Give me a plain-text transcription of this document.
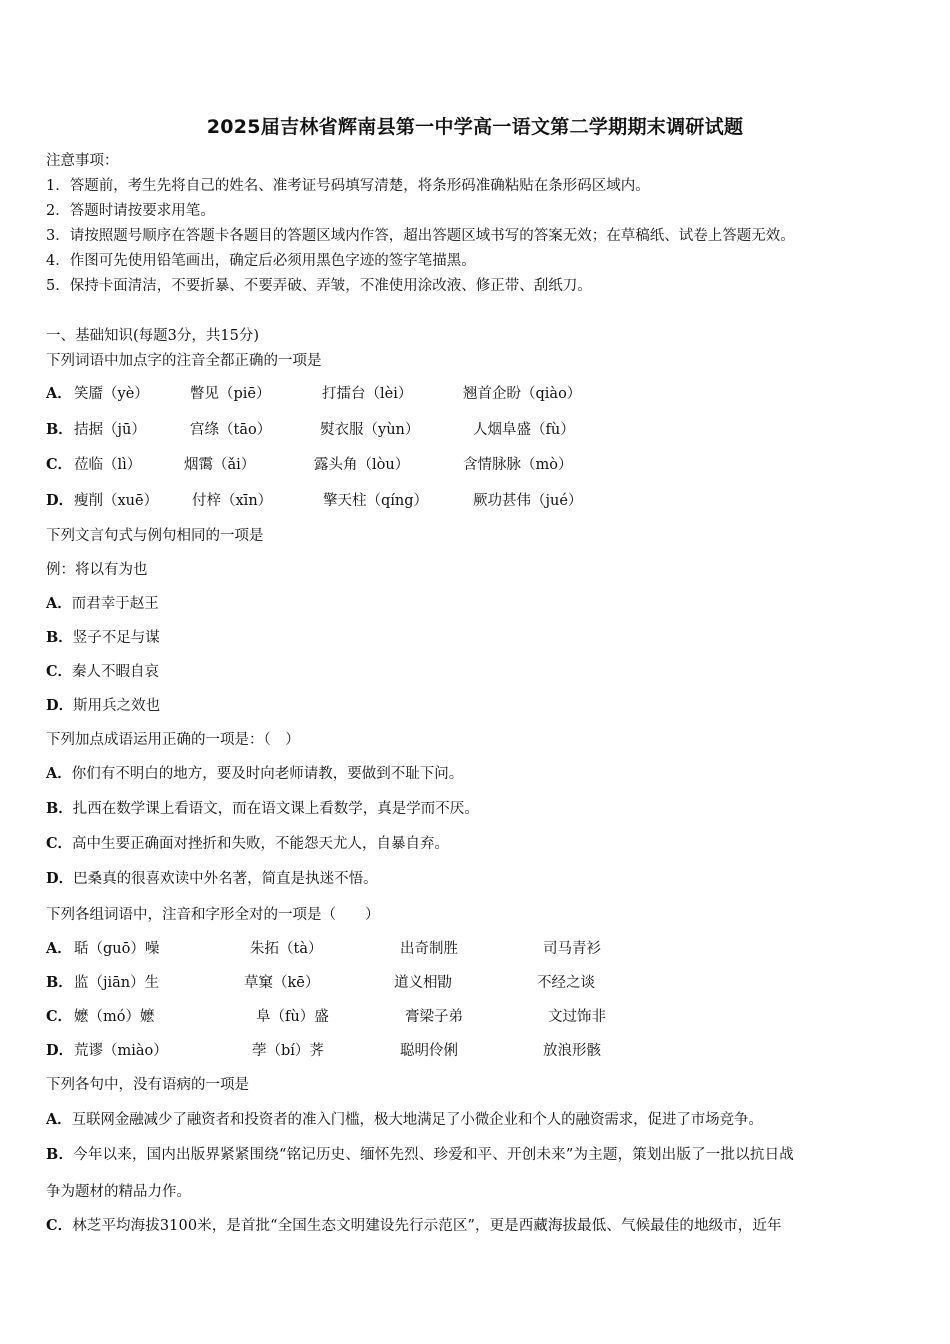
2025届吉林省辉南县第一中学高一语文第二学期期末调研试题
注意事项：
1．答题前，考生先将自己的姓名、准考证号码填写清楚，将条形码准确粘贴在条形码区域内。
2．答题时请按要求用笔。
3．请按照题号顺序在答题卡各题目的答题区域内作答，超出答题区域书写的答案无效；在草稿纸、试卷上答题无效。
4．作图可先使用铅笔画出，确定后必须用黑色字迹的签字笔描黑。
5．保持卡面清洁，不要折暴、不要弄破、弄皱，不准使用涂改液、修正带、刮纸刀。
一、基础知识(每题3分，共15分)
下列词语中加点字的注音全都正确的一项是
A． 笑靥（yè）	瞥见（piē）	打擂台（lèi）	翘首企盼（qiào）
B． 拮据（jū）	宫绦（tāo）	熨衣服（yùn）	人烟阜盛（fù）
C． 莅临（lì）	烟霭（ǎi）	露头角（lòu）	含情脉脉（mò）
D． 瘦削（xuē） 付梓（xīn）	擎天柱（qíng）	厥功甚伟（jué）
下列文言句式与例句相同的一项是
例：将以有为也
A．而君幸于赵王
B．竖子不足与谋
C．秦人不暇自哀
D．斯用兵之效也
下列加点成语运用正确的一项是：（　）
A．你们有不明白的地方，要及时向老师请教，要做到不耻下问。
B．扎西在数学课上看语文，而在语文课上看数学，真是学而不厌。
C．高中生要正确面对挫折和失败，不能怨天尤人，自暴自弃。
D．巴桑真的很喜欢读中外名著，简直是执迷不悟。
下列各组词语中，注音和字形全对的一项是（　　）
A． 聒（guō）噪	朱拓（tà）	出奇制胜	司马青衫
B． 监（jiān）生	草窠（kē）	道义相勖	不经之谈
C． 嬷（mó）嬷	阜（fù）盛	膏梁子弟	文过饰非
D． 荒谬（miào）	荸（bí）荠	聪明伶俐	放浪形骸
下列各句中，没有语病的一项是
A．互联网金融减少了融资者和投资者的准入门槛，极大地满足了小微企业和个人的融资需求，促进了市场竞争。
B．今年以来，国内出版界紧紧围绕“铭记历史、缅怀先烈、珍爱和平、开创未来”为主题，策划出版了一批以抗日战
争为题材的精品力作。
C．林芝平均海拔3100米，是首批“全国生态文明建设先行示范区”，更是西藏海拔最低、气候最佳的地级市，近年
